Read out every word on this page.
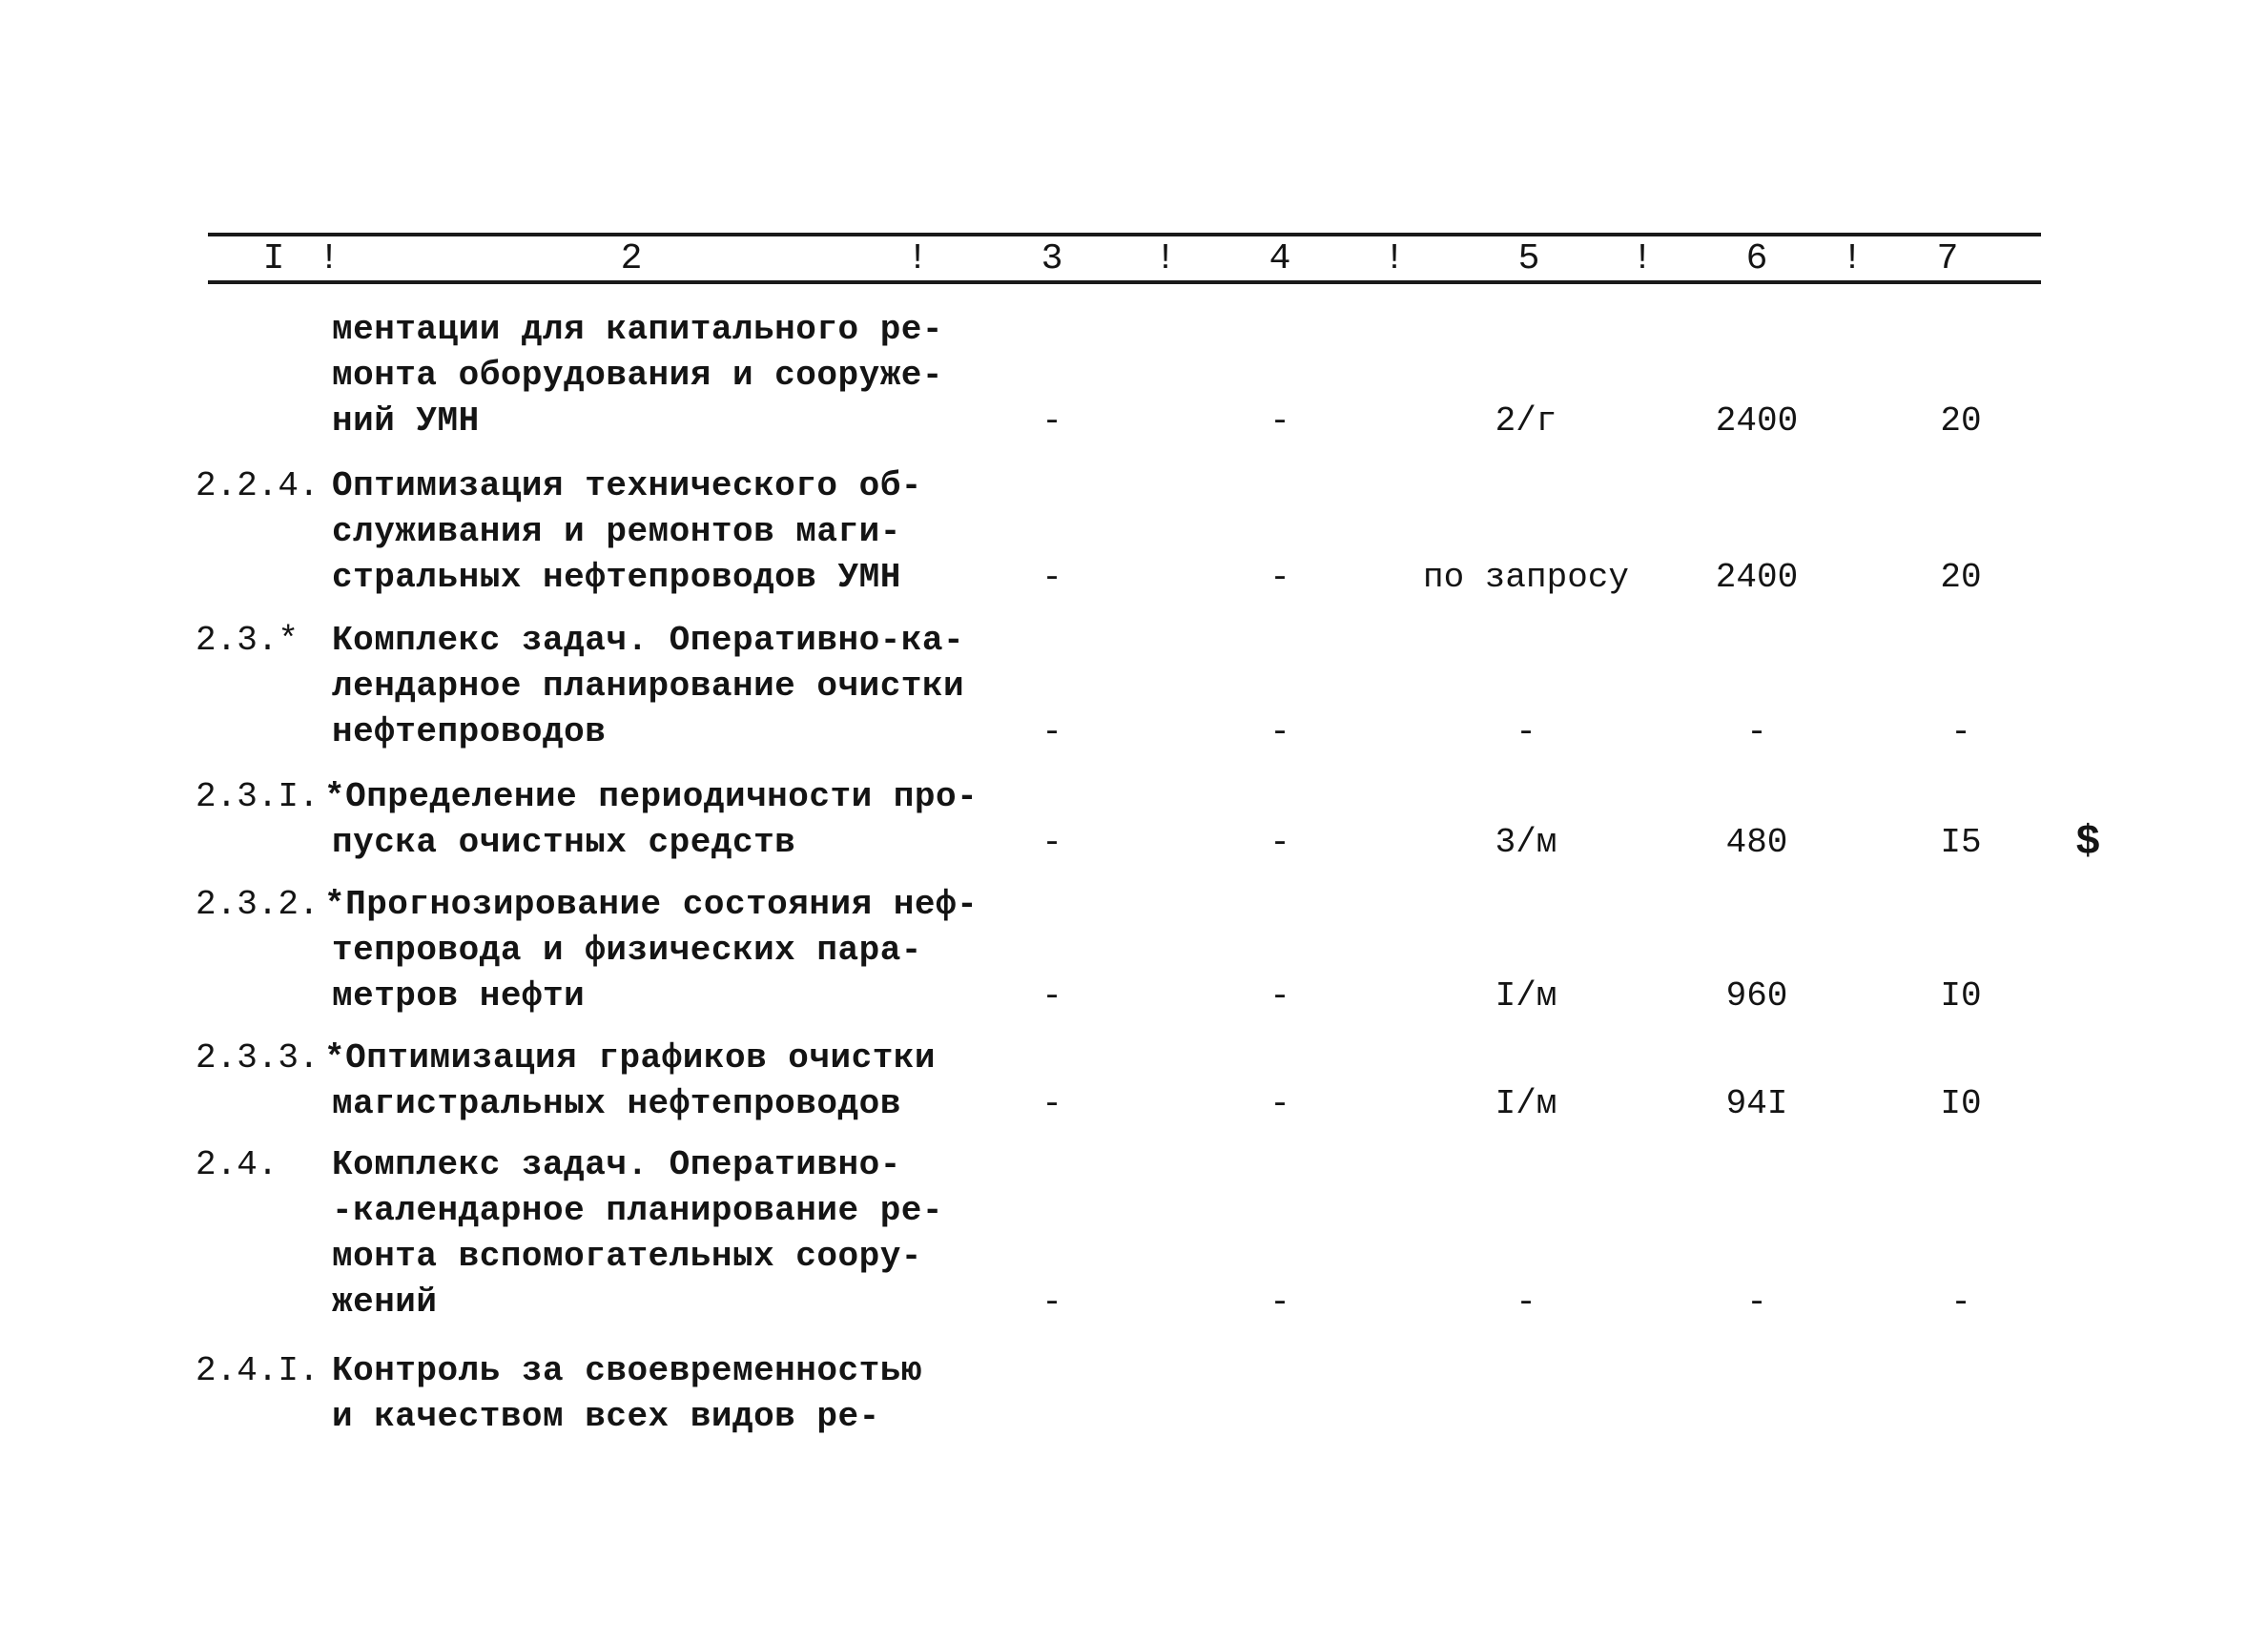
I !	2	!	3	!	4	!	5	!	6 ! 7
ментации для капитального ре-
монта оборудования и сооруже-
ний УМН	-	-	2/г	2400	20
2.2.4. Оптимизация технического об-
служивания и ремонтов маги-
стральных нефтепроводов УМН	-	-	по запросу	2400	20
2.3.* Комплекс задач. Оперативно-ка-
лендарное планирование очистки
нефтепроводов	-	-	-	-	-
2.3.I. *Определение периодичности про-
пуска очистных средств	-	-	3/м	480	I5 $
2.3.2. *Прогнозирование состояния неф-
тепровода и физических пара-
метров нефти	-	-	I/м	960	I0
2.3.3. *Оптимизация графиков очистки
магистральных нефтепроводов	-	-	I/м	94I	I0
2.4. Комплекс задач. Оперативно-
-календарное планирование ре-
монта вспомогательных соору-
жений	-	-	-	-	-
2.4.I. Контроль за своевременностью
и качеством всех видов ре-
